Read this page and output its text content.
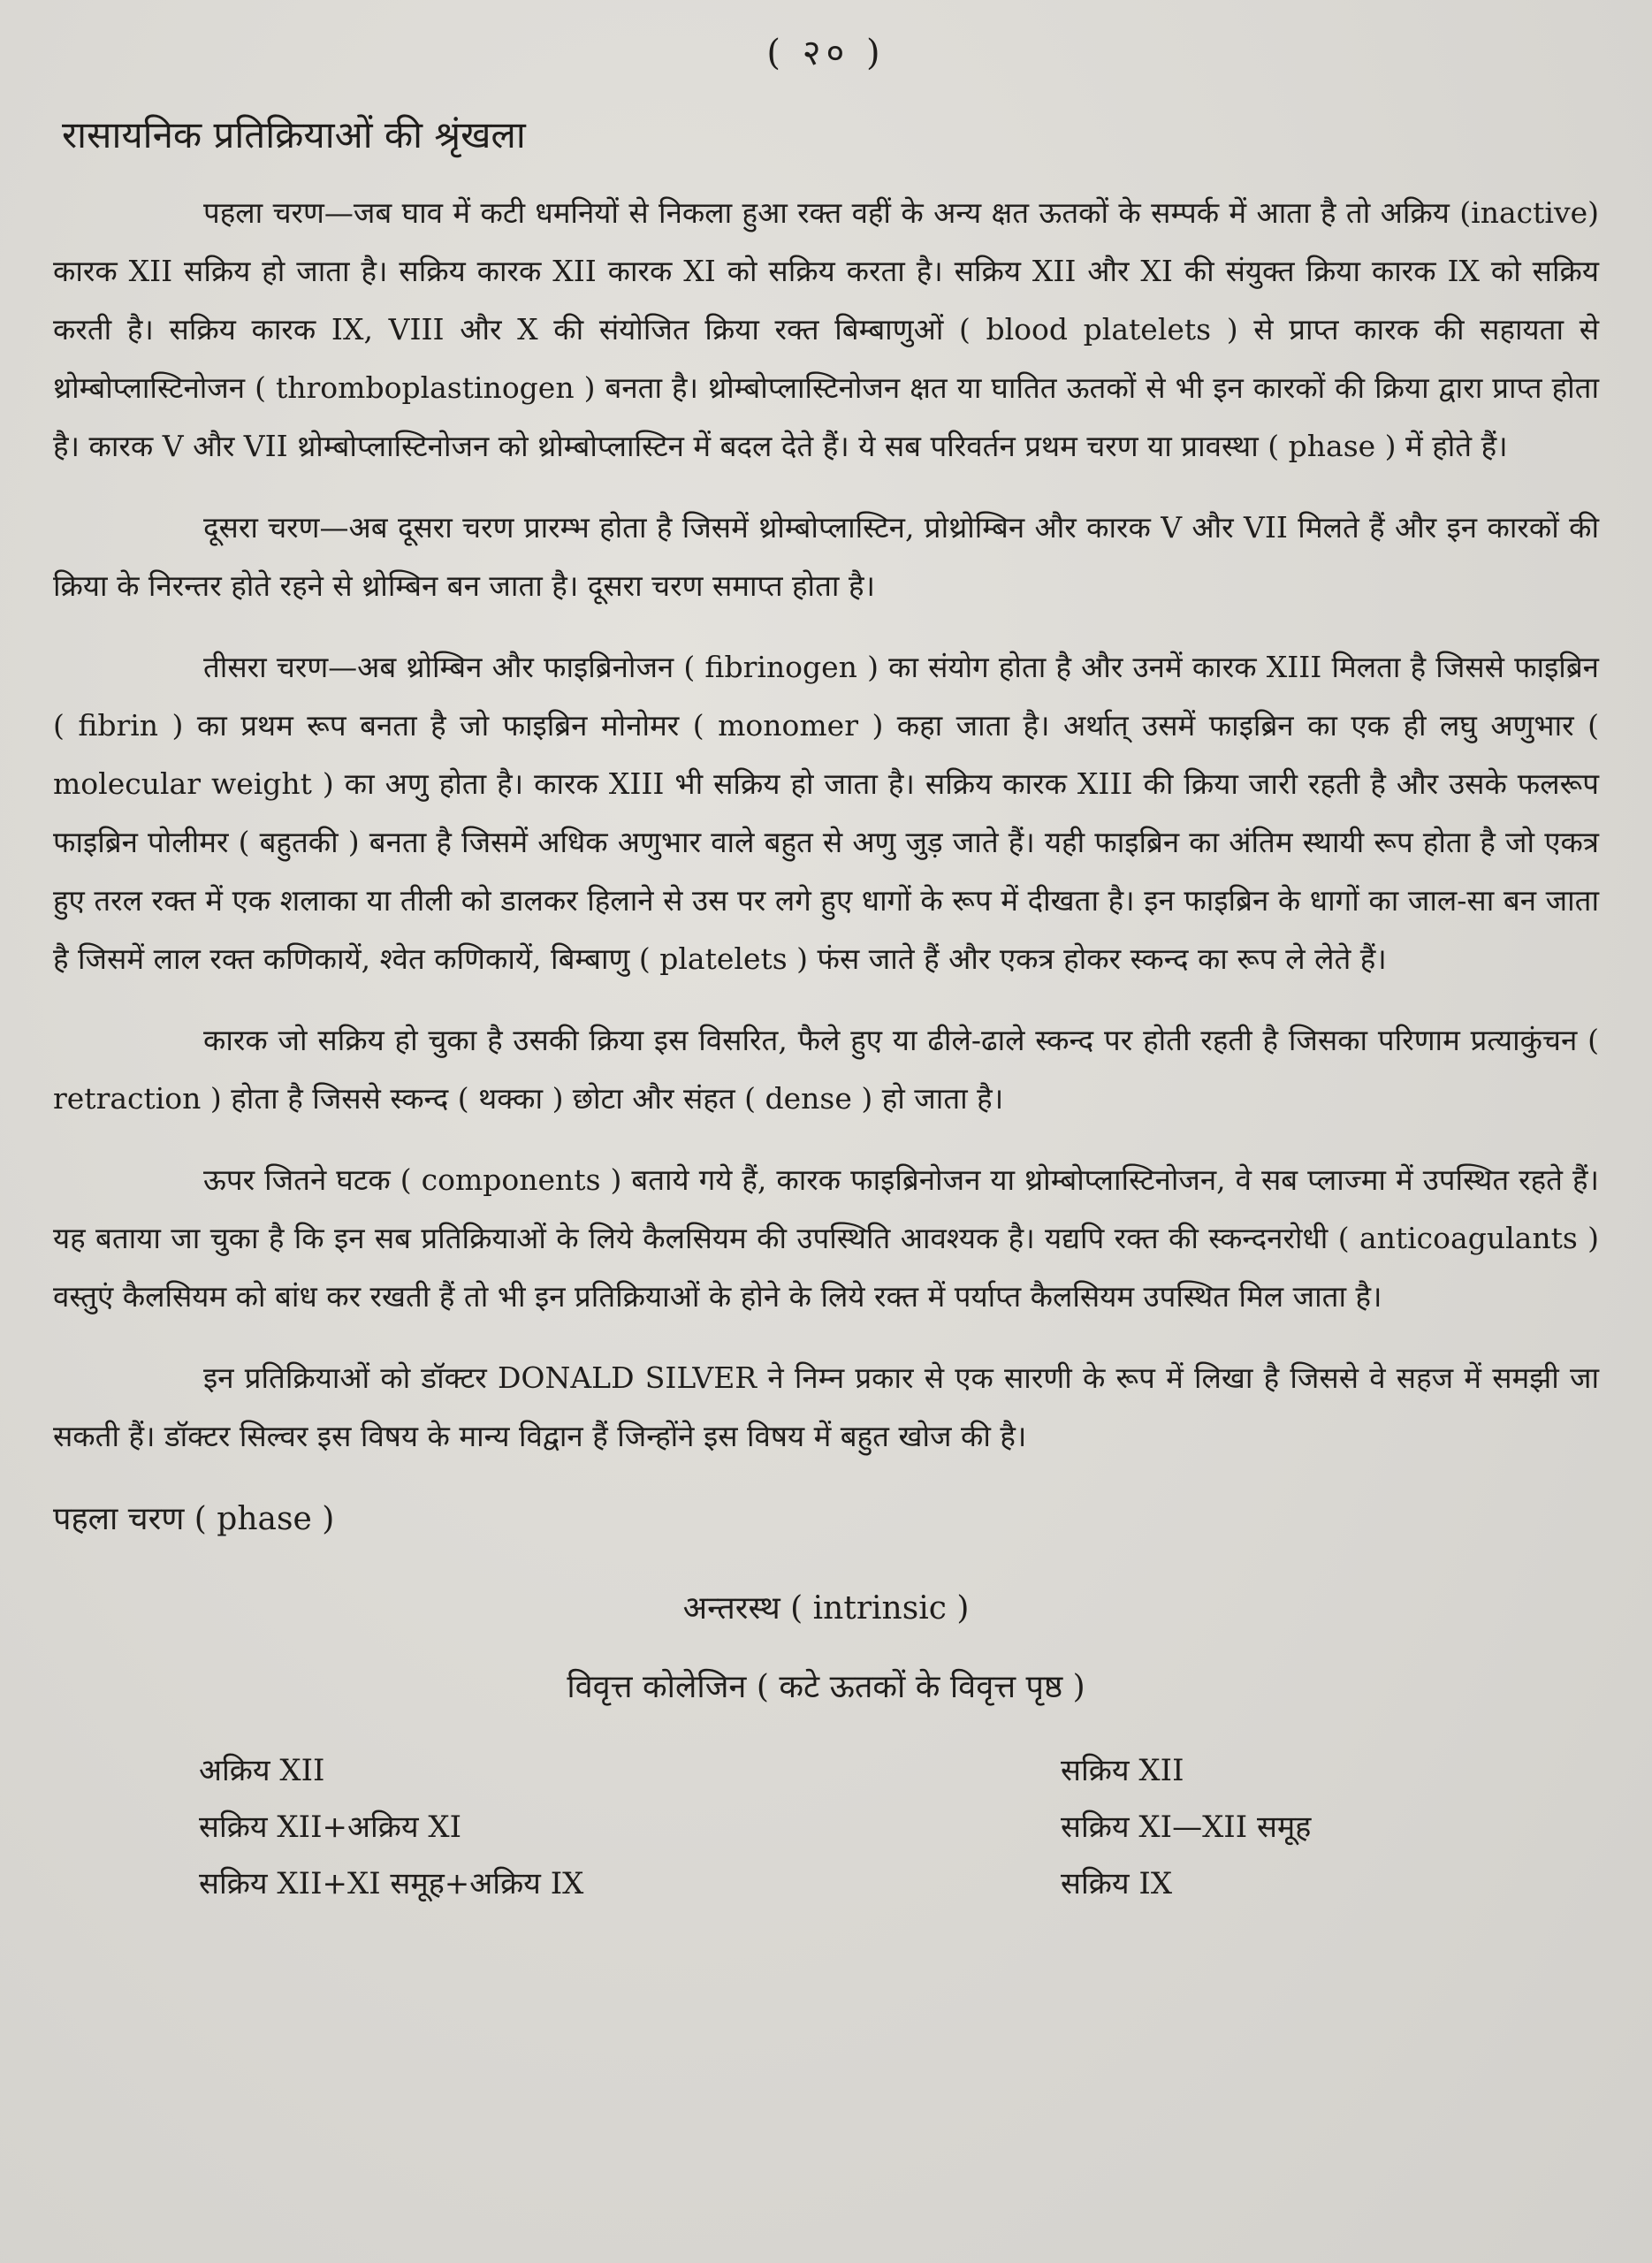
( २० )
रासायनिक प्रतिक्रियाओं की श्रृंखला

पहला चरण—जब घाव में कटी धमनियों से निकला हुआ रक्त वहीं के अन्य क्षत ऊतकों के सम्पर्क में आता है तो अक्रिय (inactive) कारक XII सक्रिय हो जाता है। सक्रिय कारक XII कारक XI को सक्रिय करता है। सक्रिय XII और XI की संयुक्त क्रिया कारक IX को सक्रिय करती है। सक्रिय कारक IX, VIII और X की संयोजित क्रिया रक्त बिम्बाणुओं ( blood platelets ) से प्राप्त कारक की सहायता से थ्रोम्बोप्लास्टिनोजन ( thromboplastinogen ) बनता है। थ्रोम्बोप्लास्टिनोजन क्षत या घातित ऊतकों से भी इन कारकों की क्रिया द्वारा प्राप्त होता है। कारक V और VII थ्रोम्बोप्लास्टिनोजन को थ्रोम्बोप्लास्टिन में बदल देते हैं। ये सब परिवर्तन प्रथम चरण या प्रावस्था ( phase ) में होते हैं।

दूसरा चरण—अब दूसरा चरण प्रारम्भ होता है जिसमें थ्रोम्बोप्लास्टिन, प्रोथ्रोम्बिन और कारक V और VII मिलते हैं और इन कारकों की क्रिया के निरन्तर होते रहने से थ्रोम्बिन बन जाता है। दूसरा चरण समाप्त होता है।

तीसरा चरण—अब थ्रोम्बिन और फाइब्रिनोजन ( fibrinogen ) का संयोग होता है और उनमें कारक XIII मिलता है जिससे फाइब्रिन ( fibrin ) का प्रथम रूप बनता है जो फाइब्रिन मोनोमर ( monomer ) कहा जाता है। अर्थात् उसमें फाइब्रिन का एक ही लघु अणुभार ( molecular weight ) का अणु होता है। कारक XIII भी सक्रिय हो जाता है। सक्रिय कारक XIII की क्रिया जारी रहती है और उसके फलरूप फाइब्रिन पोलीमर ( बहुतकी ) बनता है जिसमें अधिक अणुभार वाले बहुत से अणु जुड़ जाते हैं। यही फाइब्रिन का अंतिम स्थायी रूप होता है जो एकत्र हुए तरल रक्त में एक शलाका या तीली को डालकर हिलाने से उस पर लगे हुए धागों के रूप में दीखता है। इन फाइब्रिन के धागों का जाल-सा बन जाता है जिसमें लाल रक्त कणिकायें, श्वेत कणिकायें, बिम्बाणु ( platelets ) फंस जाते हैं और एकत्र होकर स्कन्द का रूप ले लेते हैं।

कारक जो सक्रिय हो चुका है उसकी क्रिया इस विसरित, फैले हुए या ढीले-ढाले स्कन्द पर होती रहती है जिसका परिणाम प्रत्याकुंचन ( retraction ) होता है जिससे स्कन्द ( थक्का ) छोटा और संहत ( dense ) हो जाता है।

ऊपर जितने घटक ( components ) बताये गये हैं, कारक फाइब्रिनोजन या थ्रोम्बोप्लास्टिनोजन, वे सब प्लाज्मा में उपस्थित रहते हैं। यह बताया जा चुका है कि इन सब प्रतिक्रियाओं के लिये कैलसियम की उपस्थिति आवश्यक है। यद्यपि रक्त की स्कन्दनरोधी ( anticoagulants ) वस्तुएं कैलसियम को बांध कर रखती हैं तो भी इन प्रतिक्रियाओं के होने के लिये रक्त में पर्याप्त कैलसियम उपस्थित मिल जाता है।

इन प्रतिक्रियाओं को डॉक्टर DONALD SILVER ने निम्न प्रकार से एक सारणी के रूप में लिखा है जिससे वे सहज में समझी जा सकती हैं। डॉक्टर सिल्वर इस विषय के मान्य विद्वान हैं जिन्होंने इस विषय में बहुत खोज की है।

पहला चरण ( phase )
अन्तरस्थ ( intrinsic )
विवृत्त कोलेजिन ( कटे ऊतकों के विवृत्त पृष्ठ )
अक्रिय XII
सक्रिय XII+अक्रिय XI
सक्रिय XII+XI समूह+अक्रिय IX
सक्रिय XII
सक्रिय XI—XII समूह
सक्रिय IX
